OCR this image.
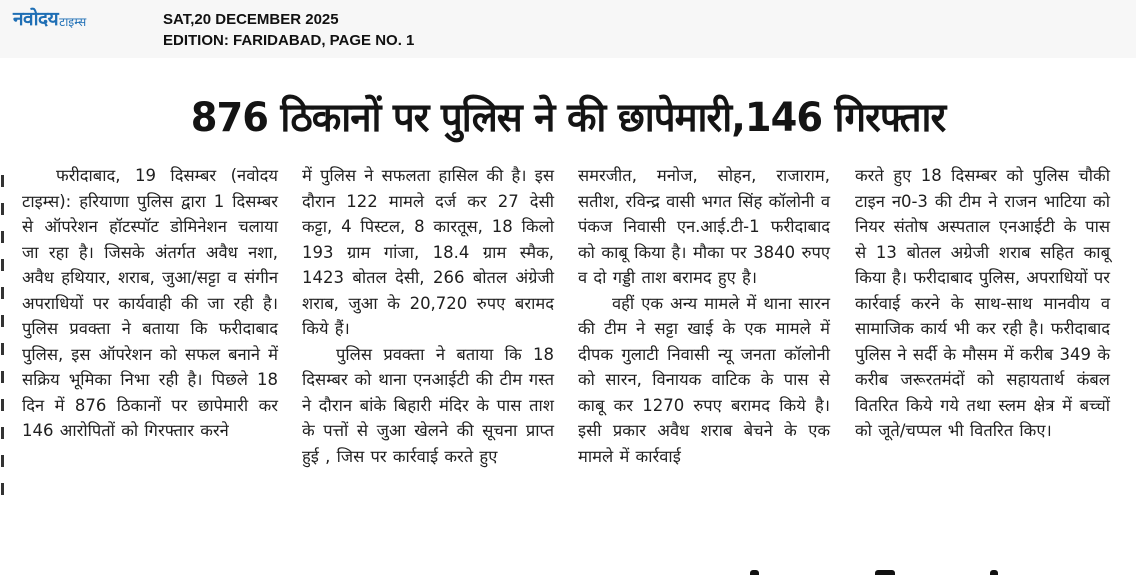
नवोदय टाइम्स	SAT,20 DECEMBER 2025
EDITION: FARIDABAD, PAGE NO. 1
876 ठिकानों पर पुलिस ने की छापेमारी,146 गिरफ्तार

फरीदाबाद, 19 दिसम्बर (नवोदय टाइम्स): हरियाणा पुलिस द्वारा 1 दिसम्बर से ऑपरेशन हॉटस्पॉट डोमिनेशन चलाया जा रहा है। जिसके अंतर्गत अवैध नशा, अवैध हथियार, शराब, जुआ/सट्टा व संगीन अपराधियों पर कार्यवाही की जा रही है। पुलिस प्रवक्ता ने बताया कि फरीदाबाद पुलिस, इस ऑपरेशन को सफल बनाने में सक्रिय भूमिका निभा रही है। पिछले 18 दिन में 876 ठिकानों पर छापेमारी कर 146 आरोपितों को गिरफ्तार करने

में पुलिस ने सफलता हासिल की है। इस दौरान 122 मामले दर्ज कर 27 देसी कट्टा, 4 पिस्टल, 8 कारतूस, 18 किलो 193 ग्राम गांजा, 18.4 ग्राम स्मैक, 1423 बोतल देसी, 266 बोतल अंग्रेजी शराब, जुआ के 20,720 रुपए बरामद किये हैं।

पुलिस प्रवक्ता ने बताया कि 18 दिसम्बर को थाना एनआईटी की टीम गस्त ने दौरान बांके बिहारी मंदिर के पास ताश के पत्तों से जुआ खेलने की सूचना प्राप्त हुई , जिस पर कार्रवाई करते हुए

समरजीत, मनोज, सोहन, राजाराम, सतीश, रविन्द्र वासी भगत सिंह कॉलोनी व पंकज निवासी एन.आई.टी-1 फरीदाबाद को काबू किया है। मौका पर 3840 रुपए व दो गड्डी ताश बरामद हुए है।

वहीं एक अन्य मामले में थाना सारन की टीम ने सट्टा खाई के एक मामले में दीपक गुलाटी निवासी न्यू जनता कॉलोनी को सारन, विनायक वाटिक के पास से काबू कर 1270 रुपए बरामद किये है। इसी प्रकार अवैध शराब बेचने के एक मामले में कार्रवाई

करते हुए 18 दिसम्बर को पुलिस चौकी टाइन न0-3 की टीम ने राजन भाटिया को नियर संतोष अस्पताल एनआईटी के पास से 13 बोतल अग्रेजी शराब सहित काबू किया है। फरीदाबाद पुलिस, अपराधियों पर कार्रवाई करने के साथ-साथ मानवीय व सामाजिक कार्य भी कर रही है। फरीदाबाद पुलिस ने सर्दी के मौसम में करीब 349 के करीब जरूरतमंदों को सहायतार्थ कंबल वितरित किये गये तथा स्लम क्षेत्र में बच्चों को जूते/चप्पल भी वितरित किए।
